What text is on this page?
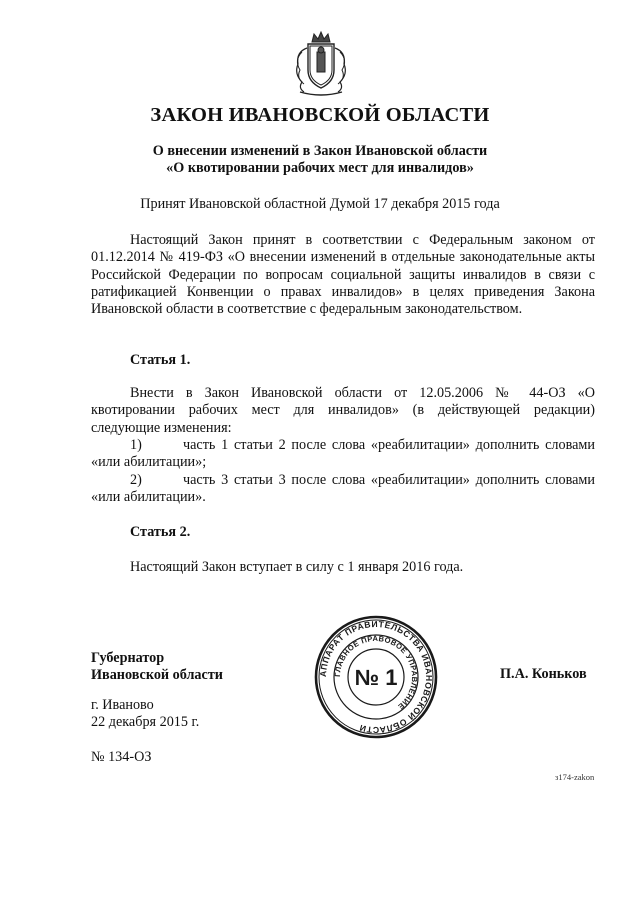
ЗАКОН ИВАНОВСКОЙ ОБЛАСТИ
О внесении изменений в Закон Ивановской области
«О квотировании рабочих мест для инвалидов»
Принят Ивановской областной Думой 17 декабря 2015 года
Настоящий Закон принят в соответствии с Федеральным законом от 01.12.2014 № 419-ФЗ «О внесении изменений в отдельные законодательные акты Российской Федерации по вопросам социальной защиты инвалидов в связи с ратификацией Конвенции о правах инвалидов» в целях приведения Закона Ивановской области в соответствие с федеральным законодательством.
Статья 1.
Внести в Закон Ивановской области от 12.05.2006 № 44-ОЗ «О квотировании рабочих мест для инвалидов» (в действующей редакции) следующие изменения:
1)	часть 1 статьи 2 после слова «реабилитации» дополнить словами «или абилитации»;
2)	часть 3 статьи 3 после слова «реабилитации» дополнить словами «или абилитации».
Статья 2.
Настоящий Закон вступает в силу с 1 января 2016 года.
Губернатор
Ивановской области	АППАРАТ ПРАВИТЕЛЬСТВА ИВАНОВСКОЙ ОБЛАСТИ
ГЛАВНОЕ ПРАВОВОЕ УПРАВЛЕНИЕ
№ 1	П.А. Коньков
г. Иваново
22 декабря 2015 г.
№ 134-ОЗ
з174-zakon
